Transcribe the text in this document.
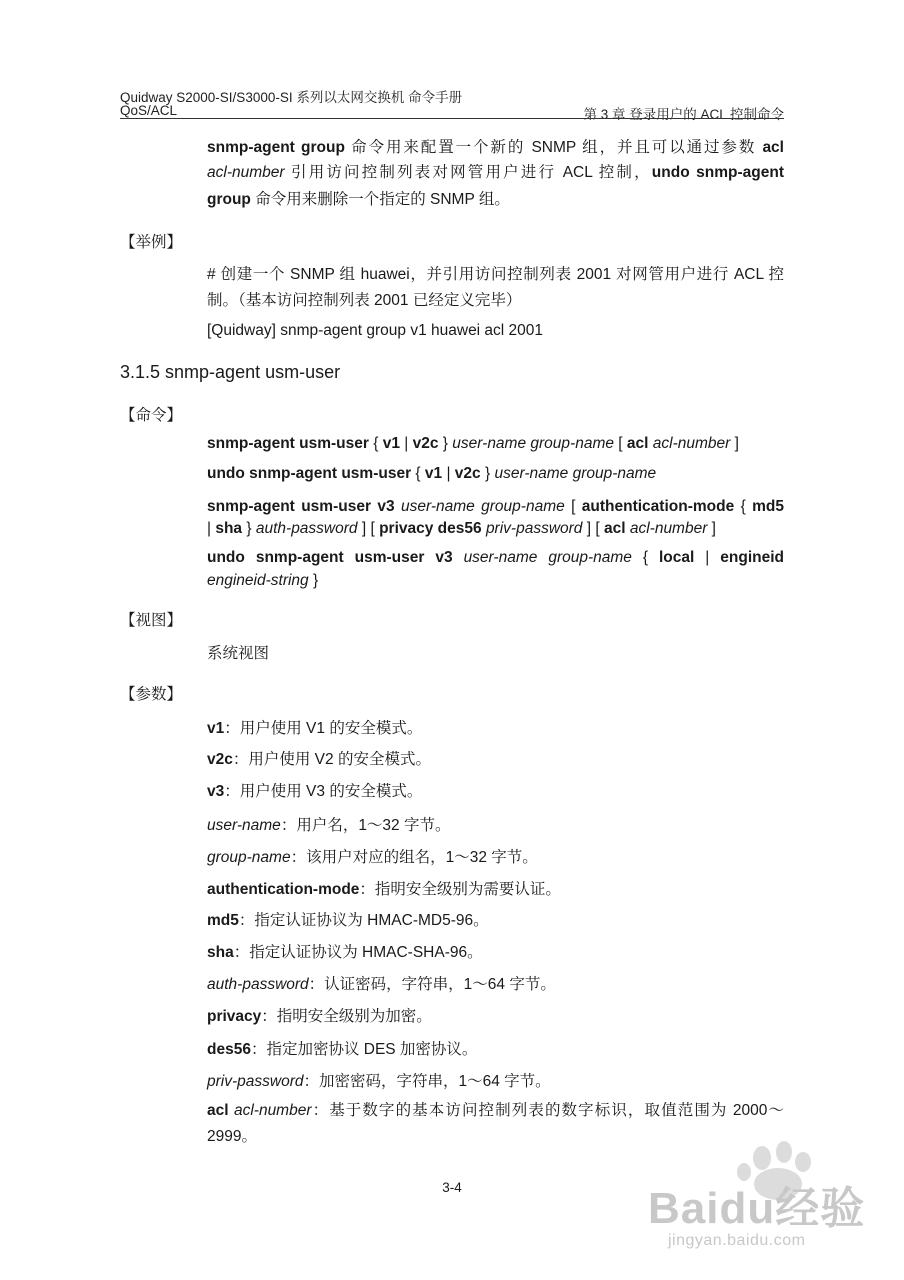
Quidway S2000-SI/S3000-SI 系列以太网交换机 命令手册
QoS/ACL	第 3 章 登录用户的 ACL 控制命令
snmp-agent group 命令用来配置一个新的 SNMP 组，并且可以通过参数 acl
acl-number 引用访问控制列表对网管用户进行 ACL 控制，undo snmp-agent
group 命令用来删除一个指定的 SNMP 组。
【举例】
# 创建一个 SNMP 组 huawei，并引用访问控制列表 2001 对网管用户进行 ACL 控
制。（基本访问控制列表 2001 已经定义完毕）
[Quidway] snmp-agent group v1 huawei acl 2001
3.1.5 snmp-agent usm-user
【命令】
snmp-agent usm-user { v1 | v2c } user-name group-name [ acl acl-number ]
undo snmp-agent usm-user { v1 | v2c } user-name group-name
snmp-agent usm-user v3 user-name group-name [ authentication-mode { md5
| sha } auth-password ] [ privacy des56 priv-password ] [ acl acl-number ]
undo snmp-agent usm-user v3 user-name group-name { local | engineid
engineid-string }
【视图】
系统视图
【参数】
v1：用户使用 V1 的安全模式。
v2c：用户使用 V2 的安全模式。
v3：用户使用 V3 的安全模式。
user-name：用户名，1～32 字节。
group-name：该用户对应的组名，1～32 字节。
authentication-mode：指明安全级别为需要认证。
md5：指定认证协议为 HMAC-MD5-96。
sha：指定认证协议为 HMAC-SHA-96。
auth-password：认证密码，字符串，1～64 字节。
privacy：指明安全级别为加密。
des56：指定加密协议 DES 加密协议。
priv-password：加密密码，字符串，1～64 字节。
acl acl-number：基于数字的基本访问控制列表的数字标识，取值范围为 2000～
2999。
3-4	Baidu经验
jingyan.baidu.com
